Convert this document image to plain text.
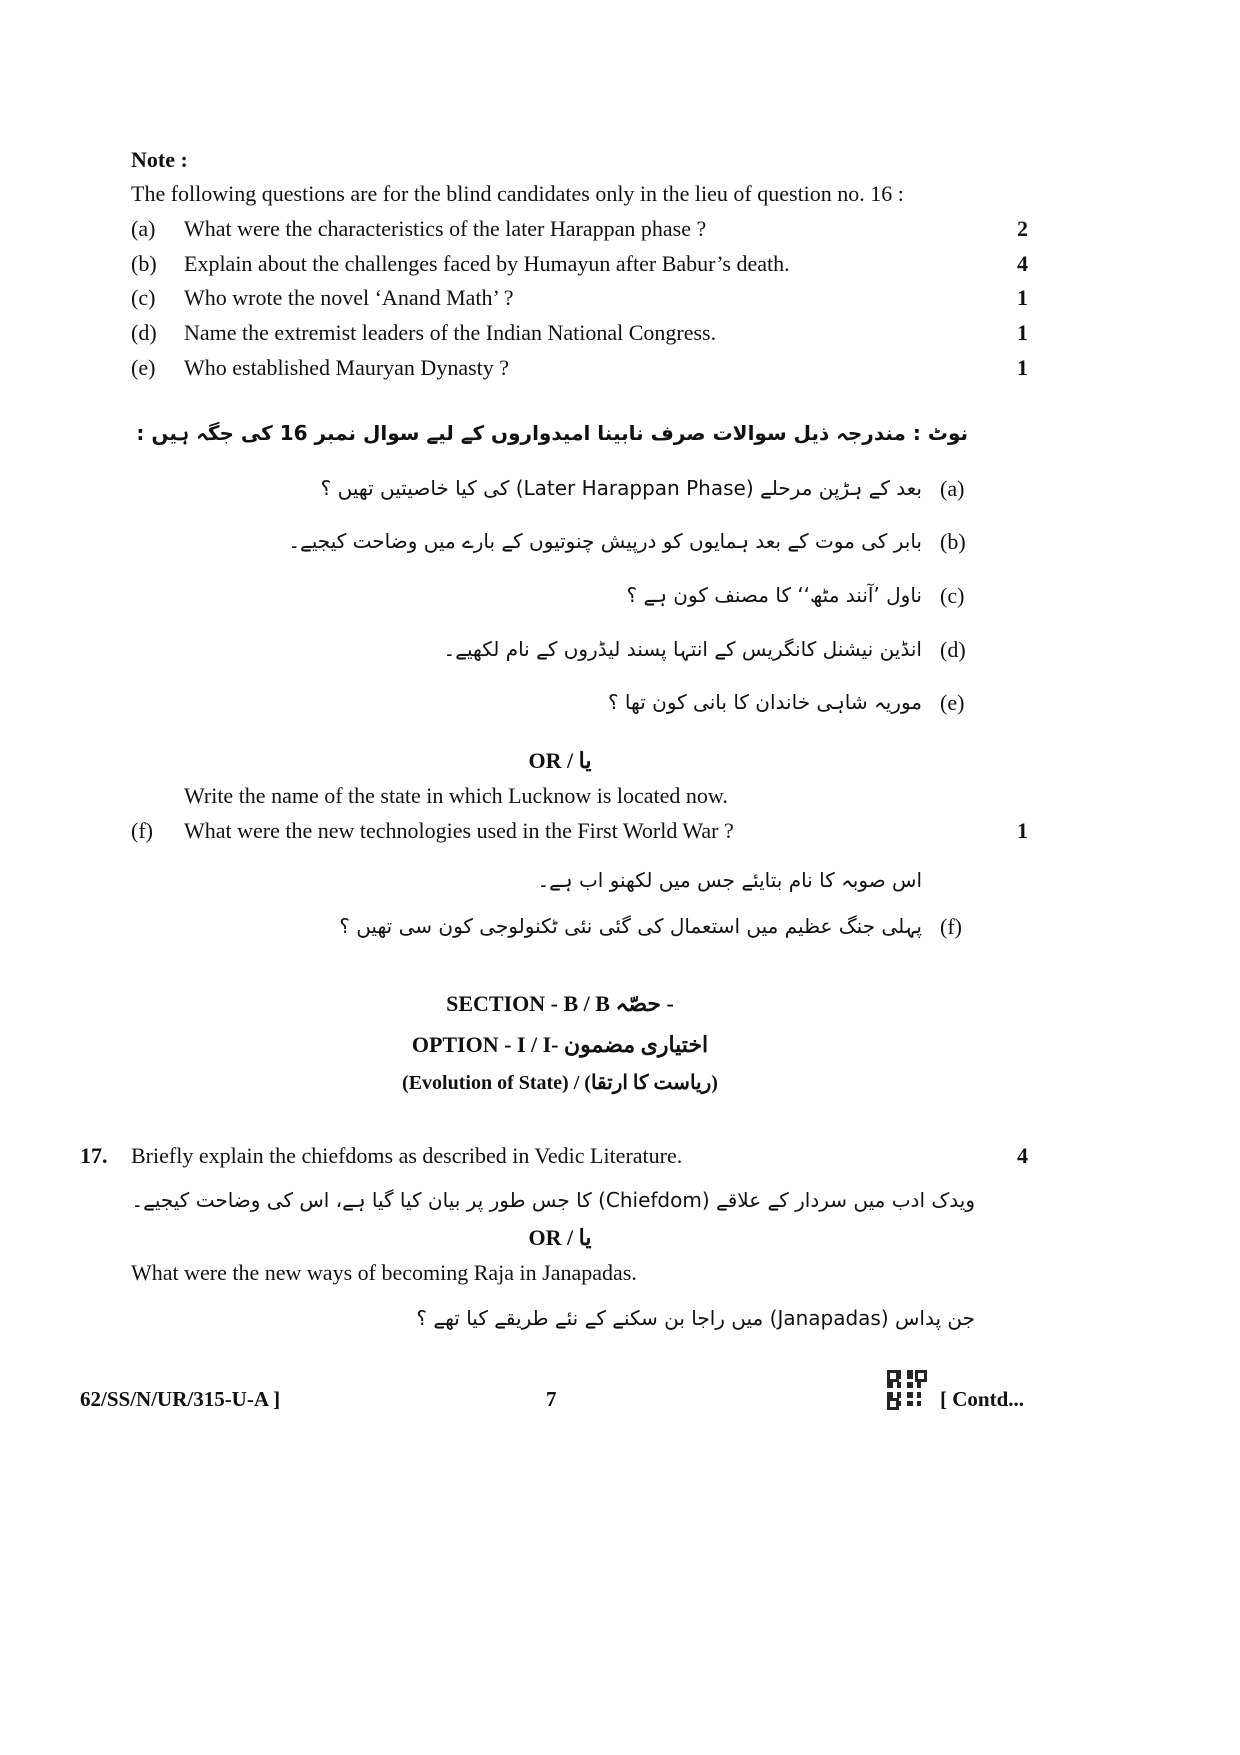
Note :
The following questions are for the blind candidates only in the lieu of question no. 16 :
(a)	What were the characteristics of the later Harappan phase ?	2
(b)	Explain about the challenges faced by Humayun after Babur’s death.	4
(c)	Who wrote the novel ‘Anand Math’ ?	1
(d)	Name the extremist leaders of the Indian National Congress.	1
(e)	Who established Mauryan Dynasty ?	1
نوٹ : مندرجہ ذیل سوالات صرف نابینا امیدواروں کے لیے سوال نمبر 16 کی جگہ ہیں :
(a)
بعد کے ہڑپن مرحلے (Later Harappan Phase) کی کیا خاصیتیں تھیں ؟
(b)
بابر کی موت کے بعد ہمایوں کو درپیش چنوتیوں کے بارے میں وضاحت کیجیے۔
(c)
ناول ’آنند مٹھ‘‘ کا مصنف کون ہے ؟
(d)
انڈین نیشنل کانگریس کے انتہا پسند لیڈروں کے نام لکھیے۔
(e)
موریہ شاہی خاندان کا بانی کون تھا ؟
OR / یا
Write the name of the state in which Lucknow is located now.
(f)	What were the new technologies used in the First World War ?	1
اس صوبہ کا نام بتایئے جس میں لکھنو اب ہے۔
(f)
پہلی جنگ عظیم میں استعمال کی گئی نئی ٹکنولوجی کون سی تھیں ؟
SECTION - B / B حصّہ -
OPTION - I / I- اختیاری مضمون
(Evolution of State) / (ریاست کا ارتقا)
17. Briefly explain the chiefdoms as described in Vedic Literature.	4
ویدک ادب میں سردار کے علاقے (Chiefdom) کا جس طور پر بیان کیا گیا ہے، اس کی وضاحت کیجیے۔
OR / یا
What were the new ways of becoming Raja in Janapadas.
جن پداس (Janapadas) میں راجا بن سکنے کے نئے طریقے کیا تھے ؟
62/SS/N/UR/315-U-A ]	7	[ Contd...
